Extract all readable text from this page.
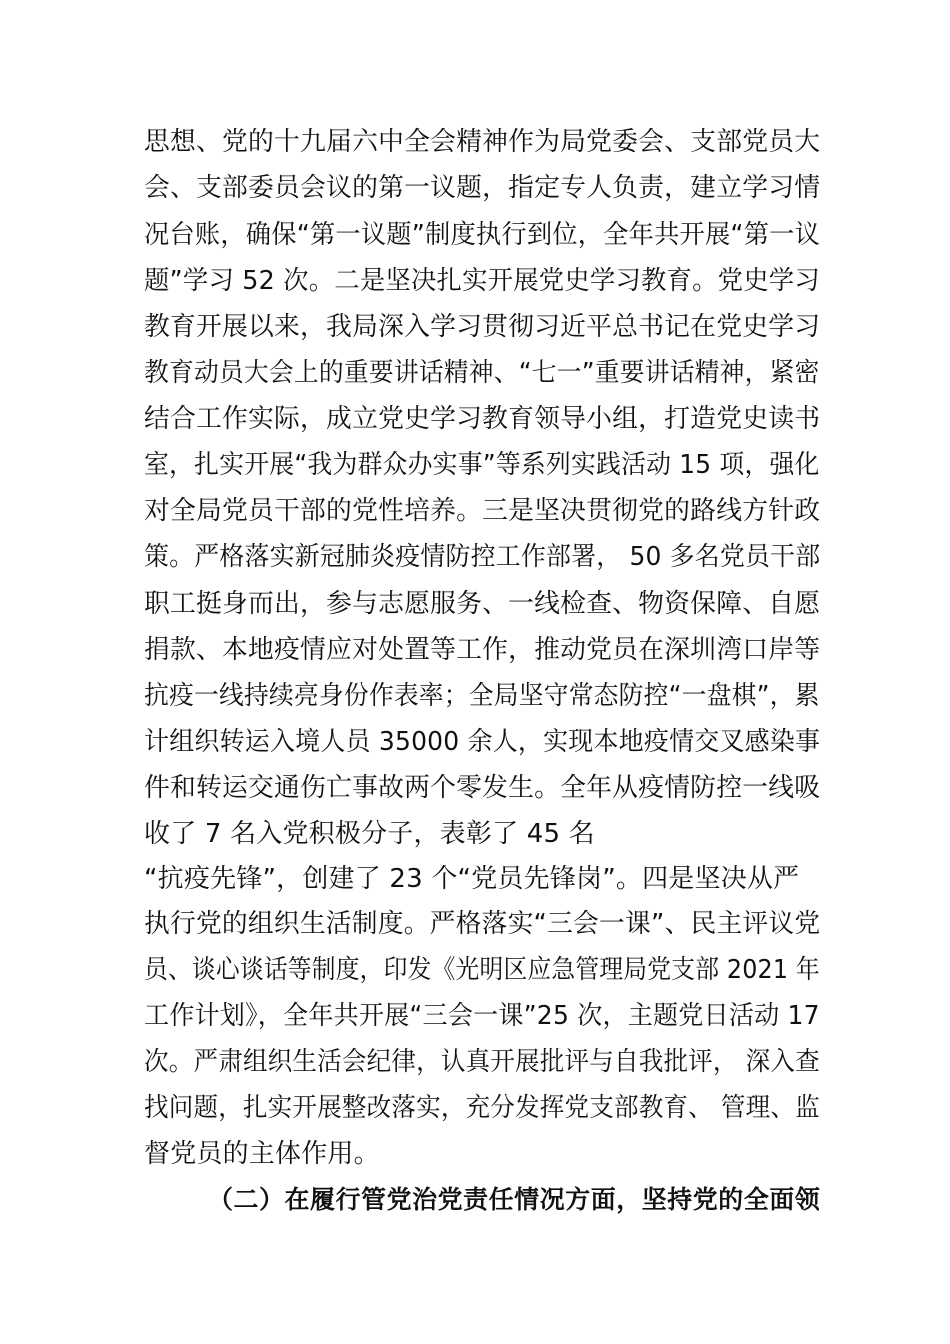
思想、党的十九届六中全会精神作为局党委会、支部党员大
会、支部委员会议的第一议题，指定专人负责，建立学习情
况台账，确保“第一议题”制度执行到位，全年共开展“第一议
题”学习 52 次。二是坚决扎实开展党史学习教育。党史学习
教育开展以来，我局深入学习贯彻习近平总书记在党史学习
教育动员大会上的重要讲话精神、“七一”重要讲话精神，紧密
结合工作实际，成立党史学习教育领导小组，打造党史读书
室，扎实开展“我为群众办实事”等系列实践活动 15 项，强化
对全局党员干部的党性培养。三是坚决贯彻党的路线方针政
策。严格落实新冠肺炎疫情防控工作部署， 50 多名党员干部
职工挺身而出，参与志愿服务、一线检查、物资保障、自愿
捐款、本地疫情应对处置等工作，推动党员在深圳湾口岸等
抗疫一线持续亮身份作表率；全局坚守常态防控“一盘棋”，累
计组织转运入境人员 35000 余人，实现本地疫情交叉感染事
件和转运交通伤亡事故两个零发生。全年从疫情防控一线吸
收了 7 名入党积极分子，表彰了 45 名
“抗疫先锋”，创建了 23 个“党员先锋岗”。四是坚决从严
执行党的组织生活制度。严格落实“三会一课”、民主评议党
员、谈心谈话等制度，印发《光明区应急管理局党支部 2021 年
工作计划》，全年共开展“三会一课”25 次，主题党日活动 17
次。严肃组织生活会纪律，认真开展批评与自我批评， 深入查
找问题，扎实开展整改落实，充分发挥党支部教育、 管理、监
督党员的主体作用。
（二）在履行管党治党责任情况方面，坚持党的全面领
